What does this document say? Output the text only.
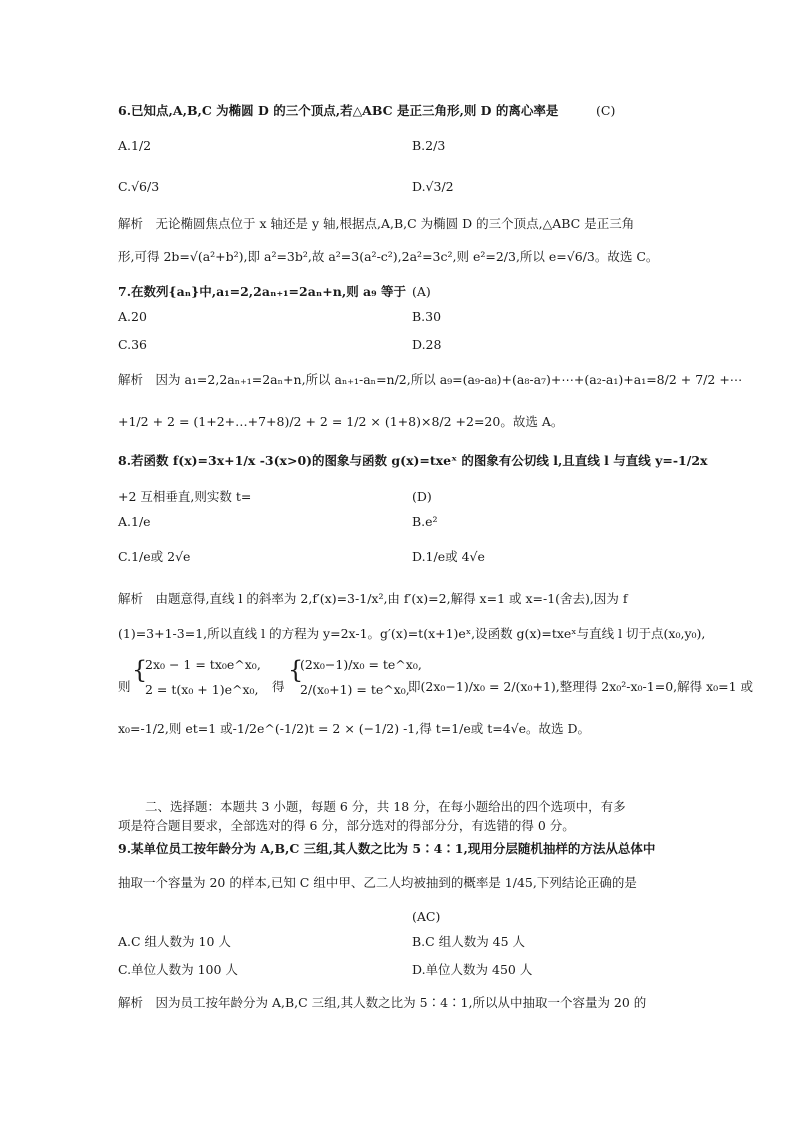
6.已知点,A,B,C 为椭圆 D 的三个顶点,若△ABC 是正三角形,则 D 的离心率是	(C)
A.1/2	B.2/3
C.√6/3	D.√3/2
解析　无论椭圆焦点位于 x 轴还是 y 轴,根据点,A,B,C 为椭圆 D 的三个顶点,△ABC 是正三角
形,可得 2b=√(a²+b²),即 a²=3b²,故 a²=3(a²-c²),2a²=3c²,则 e²=2/3,所以 e=√6/3。故选 C。
7.在数列{aₙ}中,a₁=2,2aₙ₊₁=2aₙ+n,则 a₉ 等于 (A)
A.20	B.30
C.36	D.28
解析　因为 a₁=2,2aₙ₊₁=2aₙ+n,所以 aₙ₊₁-aₙ=n/2,所以 a₉=(a₉-a₈)+(a₈-a₇)+⋯+(a₂-a₁)+a₁=8/2 + 7/2 +⋯
+1/2 + 2 = (1+2+…+7+8)/2 + 2 = 1/2 × (1+8)×8/2 +2=20。故选 A。
8.若函数 f(x)=3x+1/x -3(x>0)的图象与函数 g(x)=txeˣ 的图象有公切线 l,且直线 l 与直线 y=-1/2x
+2 互相垂直,则实数 t=	(D)
A.1/e	B.e²
C.1/e或 2√e	D.1/e或 4√e
解析　由题意得,直线 l 的斜率为 2,f′(x)=3-1/x²,由 f′(x)=2,解得 x=1 或 x=-1(舍去),因为 f
(1)=3+1-3=1,所以直线 l 的方程为 y=2x-1。g′(x)=t(x+1)eˣ,设函数 g(x)=txeˣ与直线 l 切于点(x₀,y₀),
则
{
2x₀ − 1 = tx₀e^x₀,
2 = t(x₀ + 1)e^x₀, 得
{
(2x₀−1)/x₀ = te^x₀,
2/(x₀+1) = te^x₀,
即(2x₀−1)/x₀ = 2/(x₀+1),整理得 2x₀²-x₀-1=0,解得 x₀=1 或
x₀=-1/2,则 et=1 或-1/2e^(-1/2)t = 2 × (−1/2) -1,得 t=1/e或 t=4√e。故选 D。
二、选择题：本题共 3 小题，每题 6 分，共 18 分，在每小题给出的四个选项中，有多
项是符合题目要求，全部选对的得 6 分，部分选对的得部分分，有选错的得 0 分。
9.某单位员工按年龄分为 A,B,C 三组,其人数之比为 5∶4∶1,现用分层随机抽样的方法从总体中
抽取一个容量为 20 的样本,已知 C 组中甲、乙二人均被抽到的概率是 1/45,下列结论正确的是
(AC)
A.C 组人数为 10 人	B.C 组人数为 45 人
C.单位人数为 100 人	D.单位人数为 450 人
解析　因为员工按年龄分为 A,B,C 三组,其人数之比为 5∶4∶1,所以从中抽取一个容量为 20 的
